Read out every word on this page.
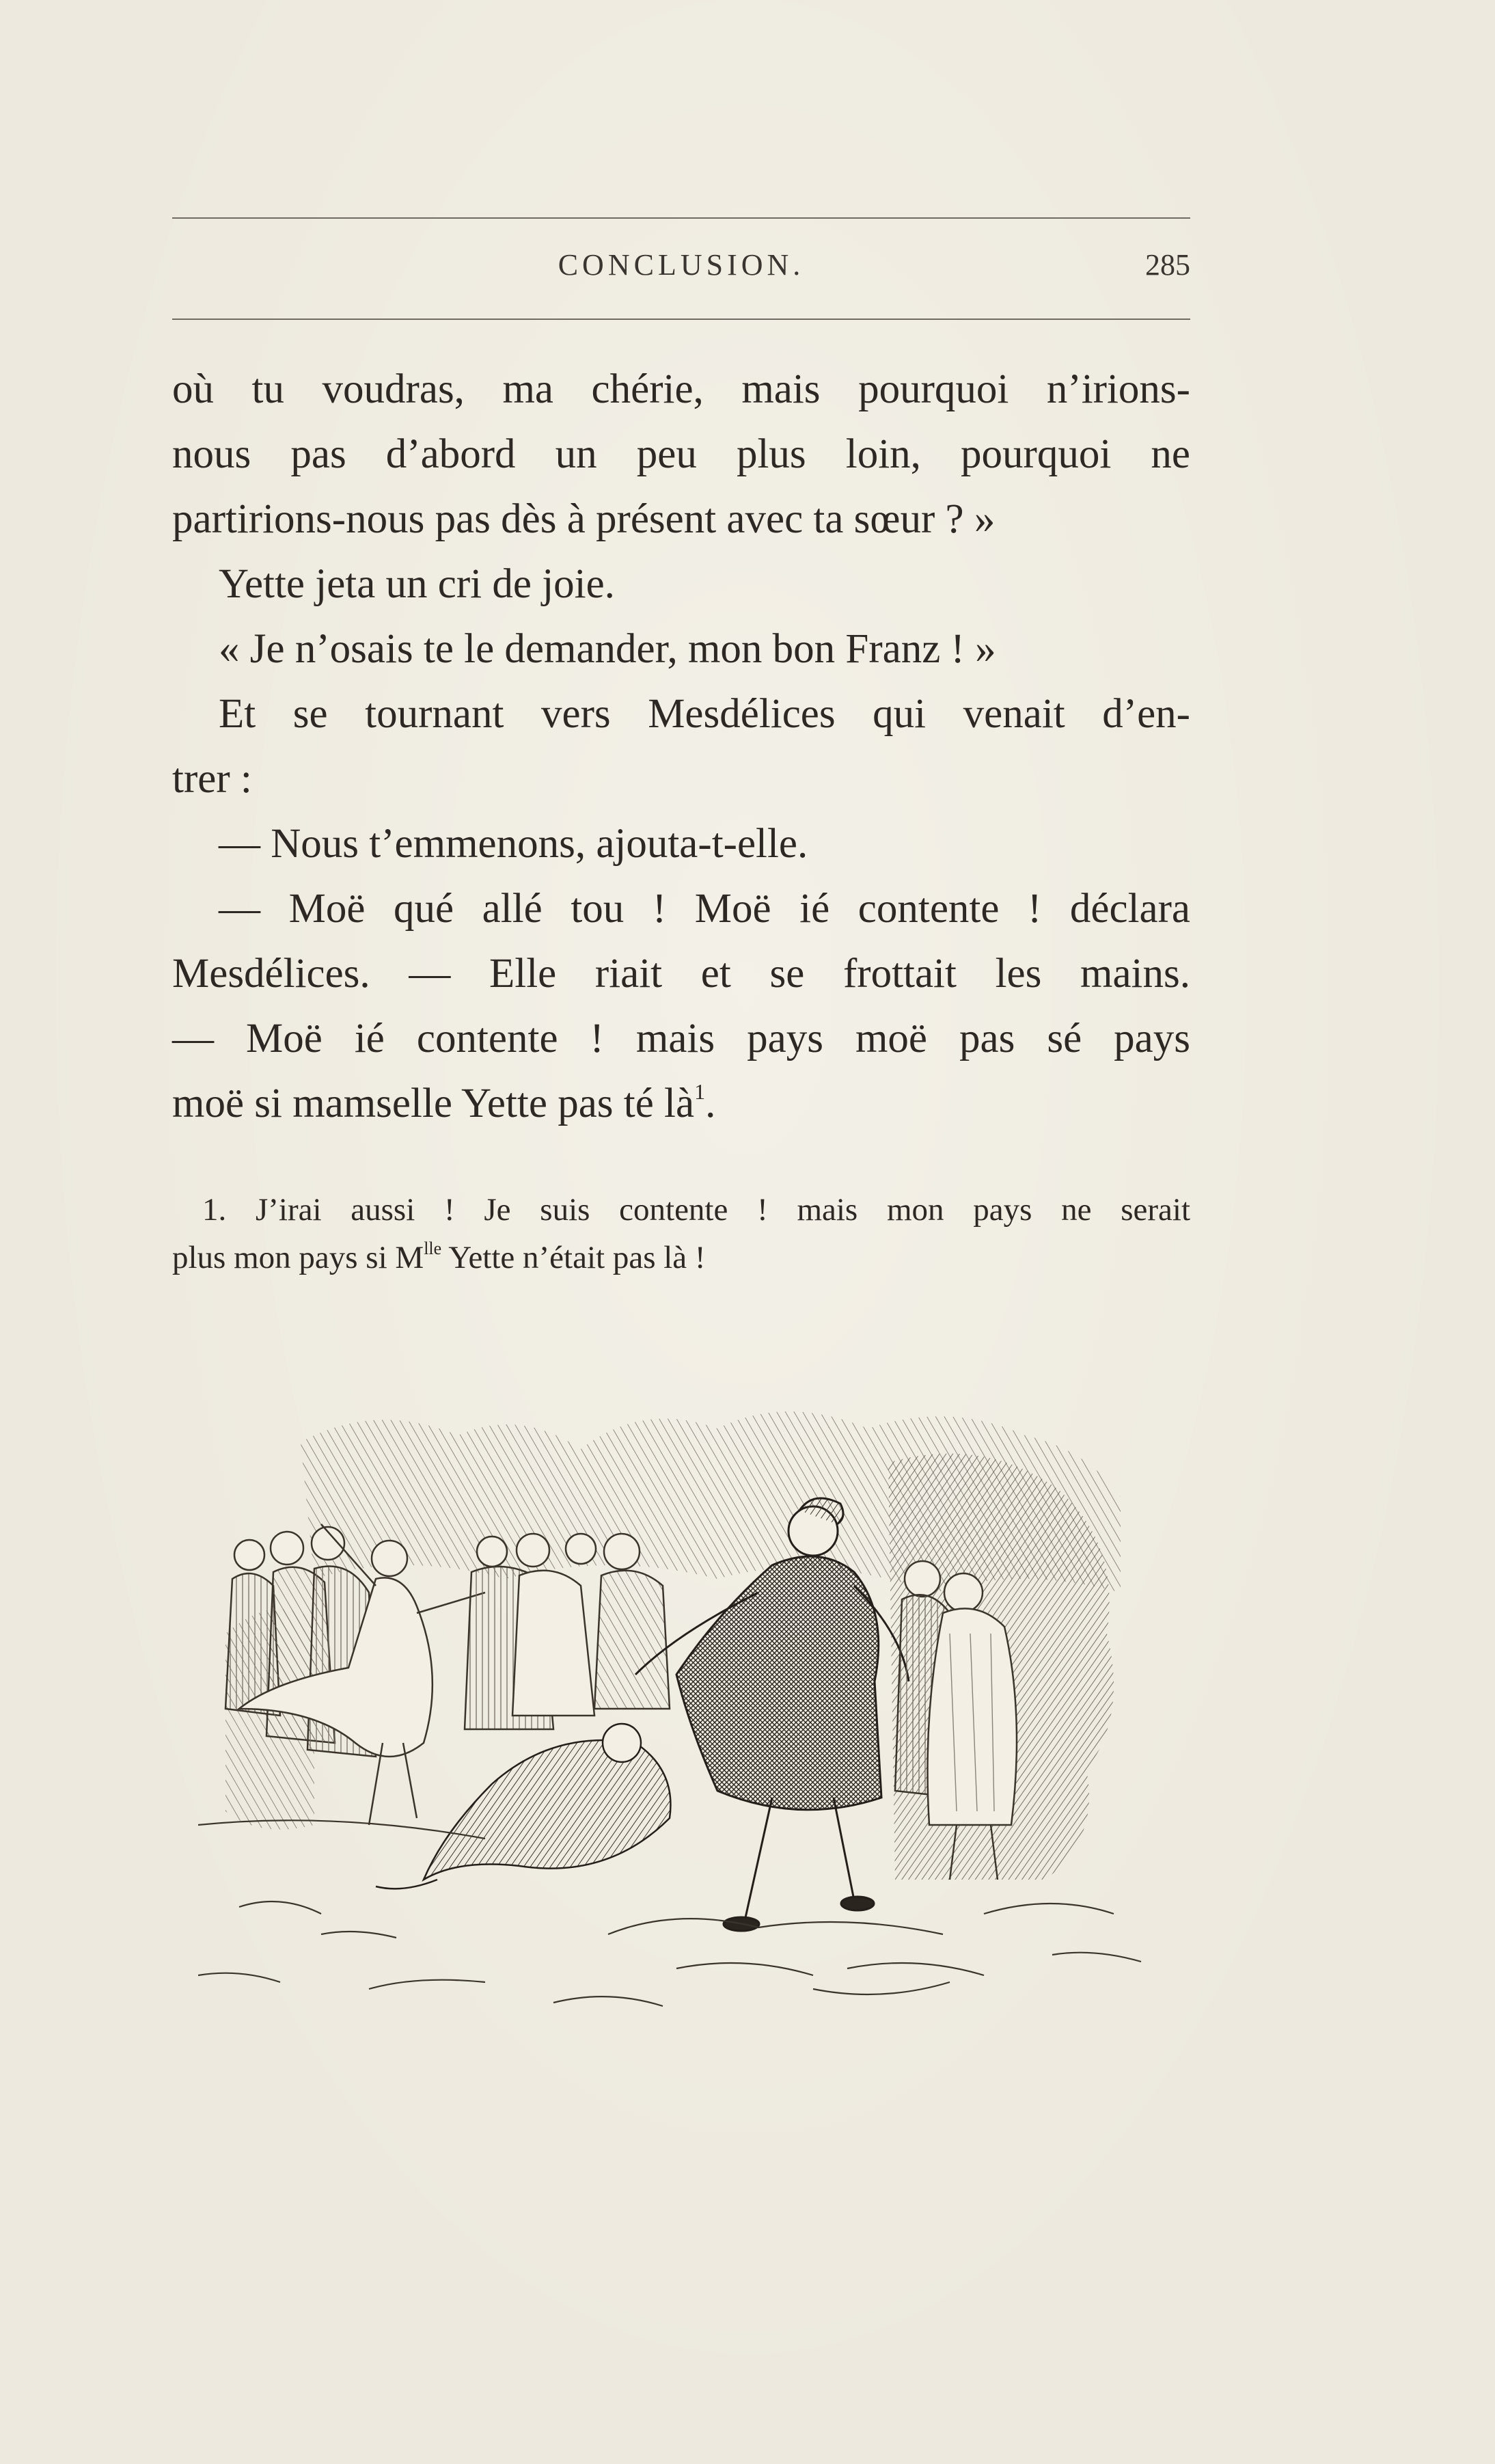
CONCLUSION.	285
où tu voudras, ma chérie, mais pourquoi n’irions-
nous pas d’abord un peu plus loin, pourquoi ne
partirions-nous pas dès à présent avec ta sœur ? »
Yette jeta un cri de joie.
« Je n’osais te le demander, mon bon Franz ! »
Et se tournant vers Mesdélices qui venait d’en-
trer :
— Nous t’emmenons, ajouta-t-elle.
— Moë qué allé tou ! Moë ié contente ! déclara
Mesdélices. — Elle riait et se frottait les mains.
— Moë ié contente ! mais pays moë pas sé pays
moë si mamselle Yette pas té $là^1$.
1. J’irai aussi ! Je suis contente ! mais mon pays ne serait
plus mon pays si $M^{lle}$ Yette n’était pas là !
